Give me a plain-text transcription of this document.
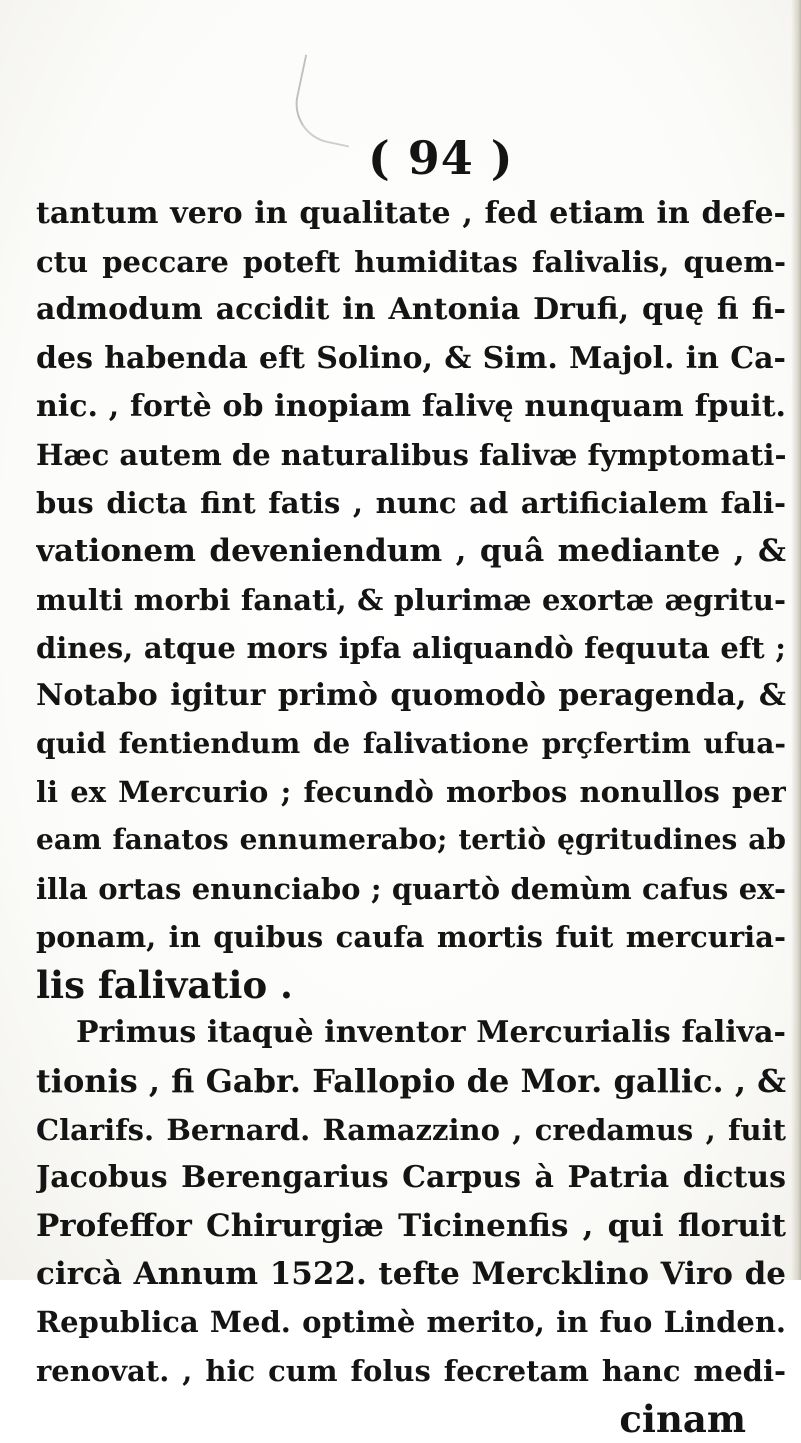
( 94 )
tantum vero in qualitate , fed etiam in defe-
ctu peccare poteft humiditas falivalis, quem-
admodum accidit in Antonia Drufi, quę fi fi-
des habenda eft Solino, & Sim. Majol. in Ca-
nic. , fortè ob inopiam falivę nunquam fpuit.
Hæc autem de naturalibus falivæ fymptomati-
bus dicta fint fatis , nunc ad artificialem fali-
vationem deveniendum , quâ mediante , &
multi morbi fanati, & plurimæ exortæ ægritu-
dines, atque mors ipfa aliquandò fequuta eft ;
Notabo igitur primò quomodò peragenda, &
quid fentiendum de falivatione prçfertim ufua-
li ex Mercurio ; fecundò morbos nonullos per
eam fanatos ennumerabo; tertiò ęgritudines ab
illa ortas enunciabo ; quartò demùm cafus ex-
ponam, in quibus caufa mortis fuit mercuria-
lis falivatio .
Primus itaquè inventor Mercurialis faliva-
tionis , fi Gabr. Fallopio de Mor. gallic. , &
Clarifs. Bernard. Ramazzino , credamus , fuit
Jacobus Berengarius Carpus à Patria dictus
Profeffor Chirurgiæ Ticinenfis , qui floruit
circà Annum 1522. tefte Mercklino Viro de
Republica Med. optimè merito, in fuo Linden.
renovat. , hic cum folus fecretam hanc medi-
cinam
